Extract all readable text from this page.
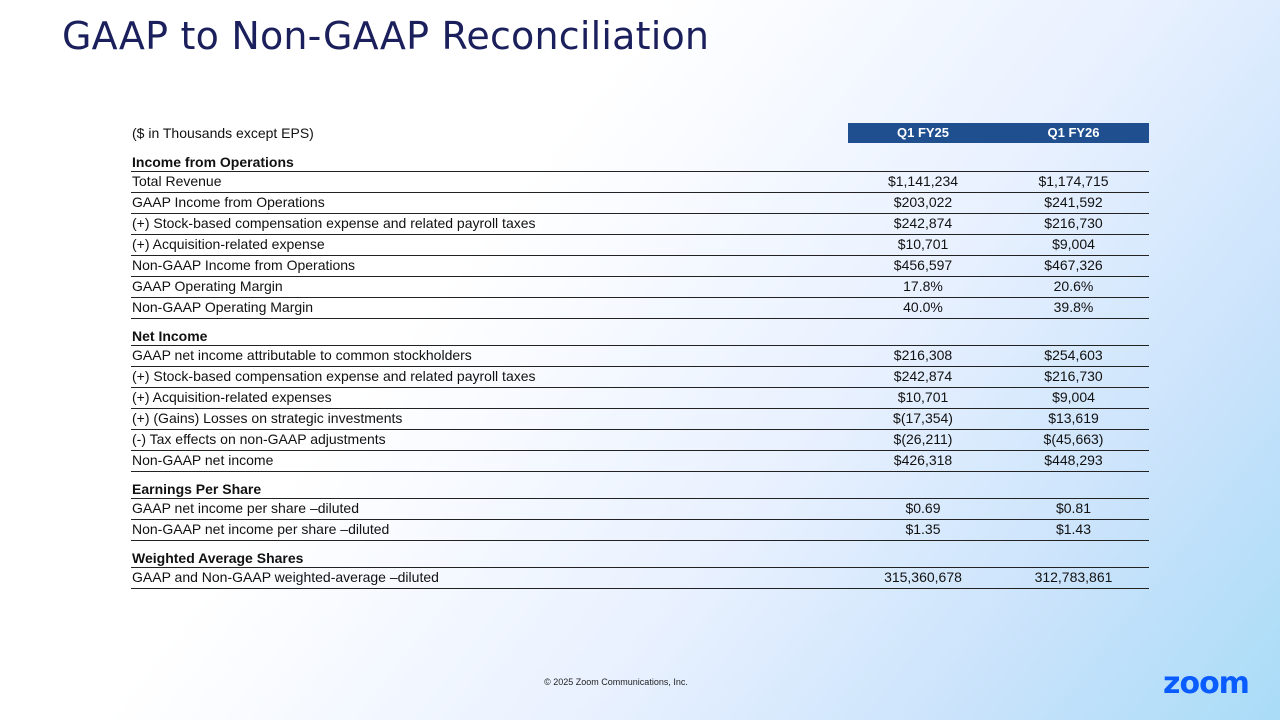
GAAP to Non-GAAP Reconciliation
($ in Thousands except EPS)	Q1 FY25	Q1 FY26
Income from Operations
Total Revenue	$1,141,234	$1,174,715
GAAP Income from Operations	$203,022	$241,592
(+) Stock-based compensation expense and related payroll taxes	$242,874	$216,730
(+) Acquisition-related expense	$10,701	$9,004
Non-GAAP Income from Operations	$456,597	$467,326
GAAP Operating Margin	17.8%	20.6%
Non-GAAP Operating Margin	40.0%	39.8%
Net Income
GAAP net income attributable to common stockholders	$216,308	$254,603
(+) Stock-based compensation expense and related payroll taxes	$242,874	$216,730
(+) Acquisition-related expenses	$10,701	$9,004
(+) (Gains) Losses on strategic investments	$(17,354)	$13,619
(-) Tax effects on non-GAAP adjustments	$(26,211)	$(45,663)
Non-GAAP net income	$426,318	$448,293
Earnings Per Share
GAAP net income per share –diluted	$0.69	$0.81
Non-GAAP net income per share –diluted	$1.35	$1.43
Weighted Average Shares
GAAP and Non-GAAP weighted-average –diluted	315,360,678	312,783,861
© 2025 Zoom Communications, Inc.	zoom
